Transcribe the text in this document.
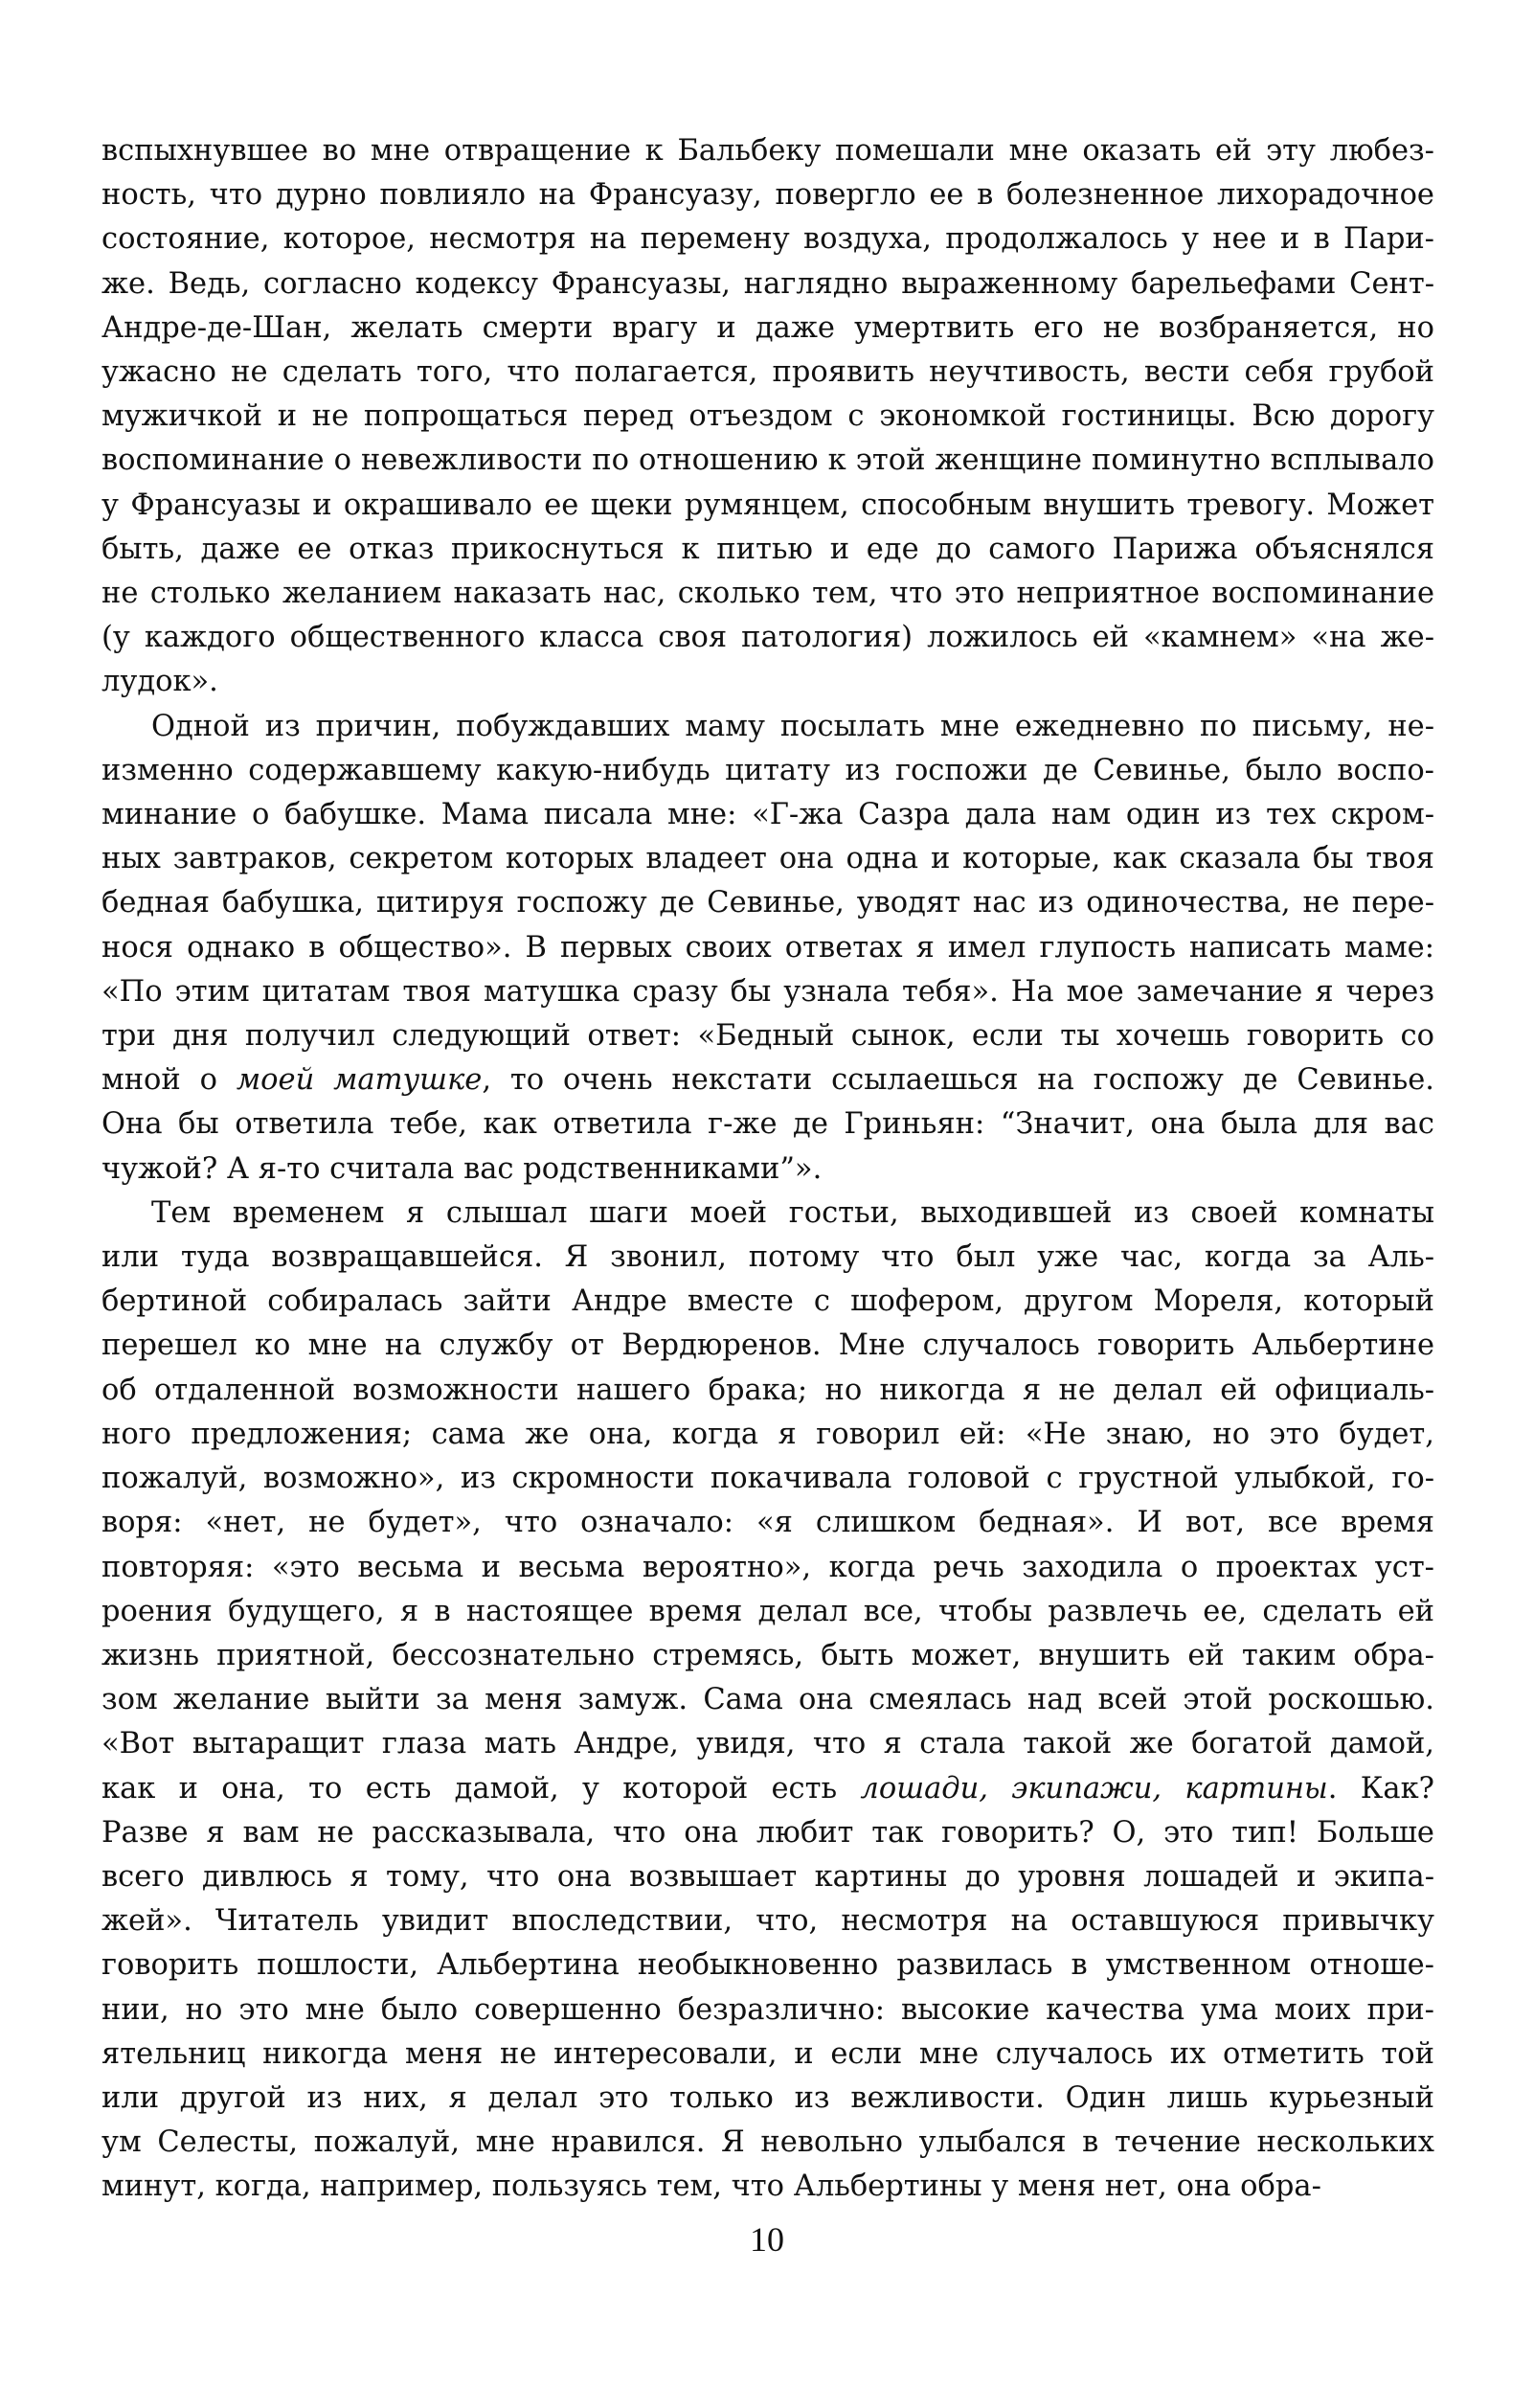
вспыхнувшее во мне отвращение к Бальбеку помешали мне оказать ей эту любез-
ность, что дурно повлияло на Франсуазу, повергло ее в болезненное лихорадочное
состояние, которое, несмотря на перемену воздуха, продолжалось у нее и в Пари-
же. Ведь, согласно кодексу Франсуазы, наглядно выраженному барельефами Сент-
Андре-де-Шан, желать смерти врагу и даже умертвить его не возбраняется, но
ужасно не сделать того, что полагается, проявить неучтивость, вести себя грубой
мужичкой и не попрощаться перед отъездом с экономкой гостиницы. Всю дорогу
воспоминание о невежливости по отношению к этой женщине поминутно всплывало
у Франсуазы и окрашивало ее щеки румянцем, способным внушить тревогу. Может
быть, даже ее отказ прикоснуться к питью и еде до самого Парижа объяснялся
не столько желанием наказать нас, сколько тем, что это неприятное воспоминание
(у каждого общественного класса своя патология) ложилось ей «камнем» «на же-
лудок».

Одной из причин, побуждавших маму посылать мне ежедневно по письму, не-
изменно содержавшему какую-нибудь цитату из госпожи де Севинье, было воспо-
минание о бабушке. Мама писала мне: «Г-жа Сазра дала нам один из тех скром-
ных завтраков, секретом которых владеет она одна и которые, как сказала бы твоя
бедная бабушка, цитируя госпожу де Севинье, уводят нас из одиночества, не пере-
нося однако в общество». В первых своих ответах я имел глупость написать маме:
«По этим цитатам твоя матушка сразу бы узнала тебя». На мое замечание я через
три дня получил следующий ответ: «Бедный сынок, если ты хочешь говорить со
мной о моей матушке, то очень некстати ссылаешься на госпожу де Севинье.
Она бы ответила тебе, как ответила г-же де Гриньян: “Значит, она была для вас
чужой? А я-то считала вас родственниками”».

Тем временем я слышал шаги моей гостьи, выходившей из своей комнаты
или туда возвращавшейся. Я звонил, потому что был уже час, когда за Аль-
бертиной собиралась зайти Андре вместе с шофером, другом Мореля, который
перешел ко мне на службу от Вердюренов. Мне случалось говорить Альбертине
об отдаленной возможности нашего брака; но никогда я не делал ей официаль-
ного предложения; сама же она, когда я говорил ей: «Не знаю, но это будет,
пожалуй, возможно», из скромности покачивала головой с грустной улыбкой, го-
воря: «нет, не будет», что означало: «я слишком бедная». И вот, все время
повторяя: «это весьма и весьма вероятно», когда речь заходила о проектах уст-
роения будущего, я в настоящее время делал все, чтобы развлечь ее, сделать ей
жизнь приятной, бессознательно стремясь, быть может, внушить ей таким обра-
зом желание выйти за меня замуж. Сама она смеялась над всей этой роскошью.
«Вот вытаращит глаза мать Андре, увидя, что я стала такой же богатой дамой,
как и она, то есть дамой, у которой есть лошади, экипажи, картины. Как?
Разве я вам не рассказывала, что она любит так говорить? О, это тип! Больше
всего дивлюсь я тому, что она возвышает картины до уровня лошадей и экипа-
жей». Читатель увидит впоследствии, что, несмотря на оставшуюся привычку
говорить пошлости, Альбертина необыкновенно развилась в умственном отноше-
нии, но это мне было совершенно безразлично: высокие качества ума моих при-
ятельниц никогда меня не интересовали, и если мне случалось их отметить той
или другой из них, я делал это только из вежливости. Один лишь курьезный
ум Селесты, пожалуй, мне нравился. Я невольно улыбался в течение нескольких
минут, когда, например, пользуясь тем, что Альбертины у меня нет, она обра-

10
